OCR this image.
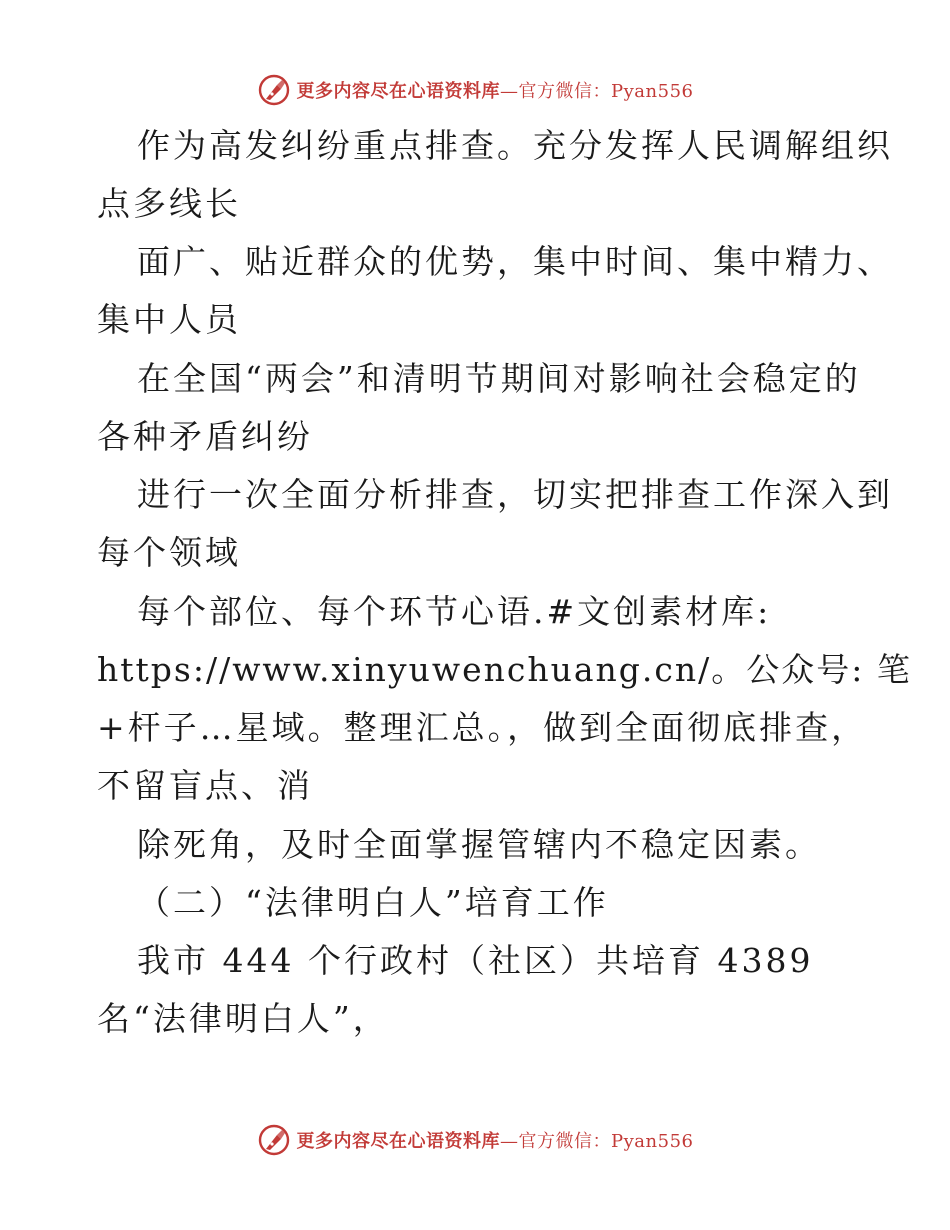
更多内容尽在心语资料库—官方微信：Pyan556
作为高发纠纷重点排查。充分发挥人民调解组织
点多线长
面广、贴近群众的优势，集中时间、集中精力、
集中人员
在全国“两会”和清明节期间对影响社会稳定的
各种矛盾纠纷
进行一次全面分析排查，切实把排查工作深入到
每个领域
每个部位、每个环节心语.#文创素材库:
https://www.xinyuwenchuang.cn/。公众号: 笔
+杆子…星域。整理汇总。，做到全面彻底排查，
不留盲点、消
除死角，及时全面掌握管辖内不稳定因素。
（二）“法律明白人”培育工作
我市 444 个行政村（社区）共培育 4389
名“法律明白人”，
更多内容尽在心语资料库—官方微信：Pyan556
